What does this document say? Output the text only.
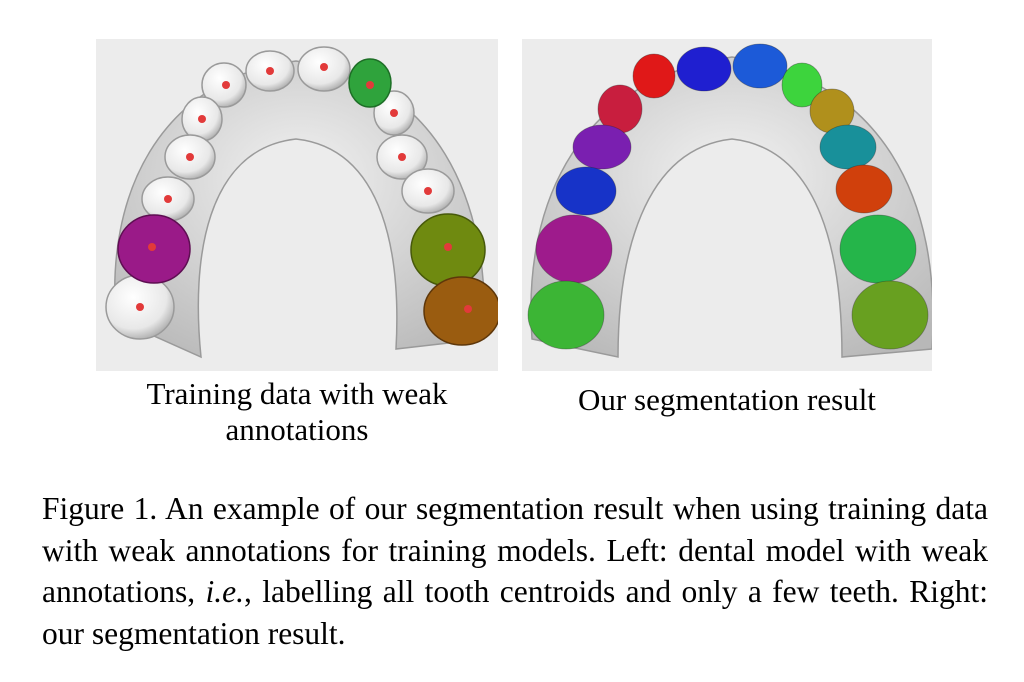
Training data with weak
annotations
Our segmentation result
Figure 1. An example of our segmentation result when using training data with weak annotations for training models. Left: dental model with weak annotations, i.e., labelling all tooth centroids and only a few teeth. Right: our segmentation result.
